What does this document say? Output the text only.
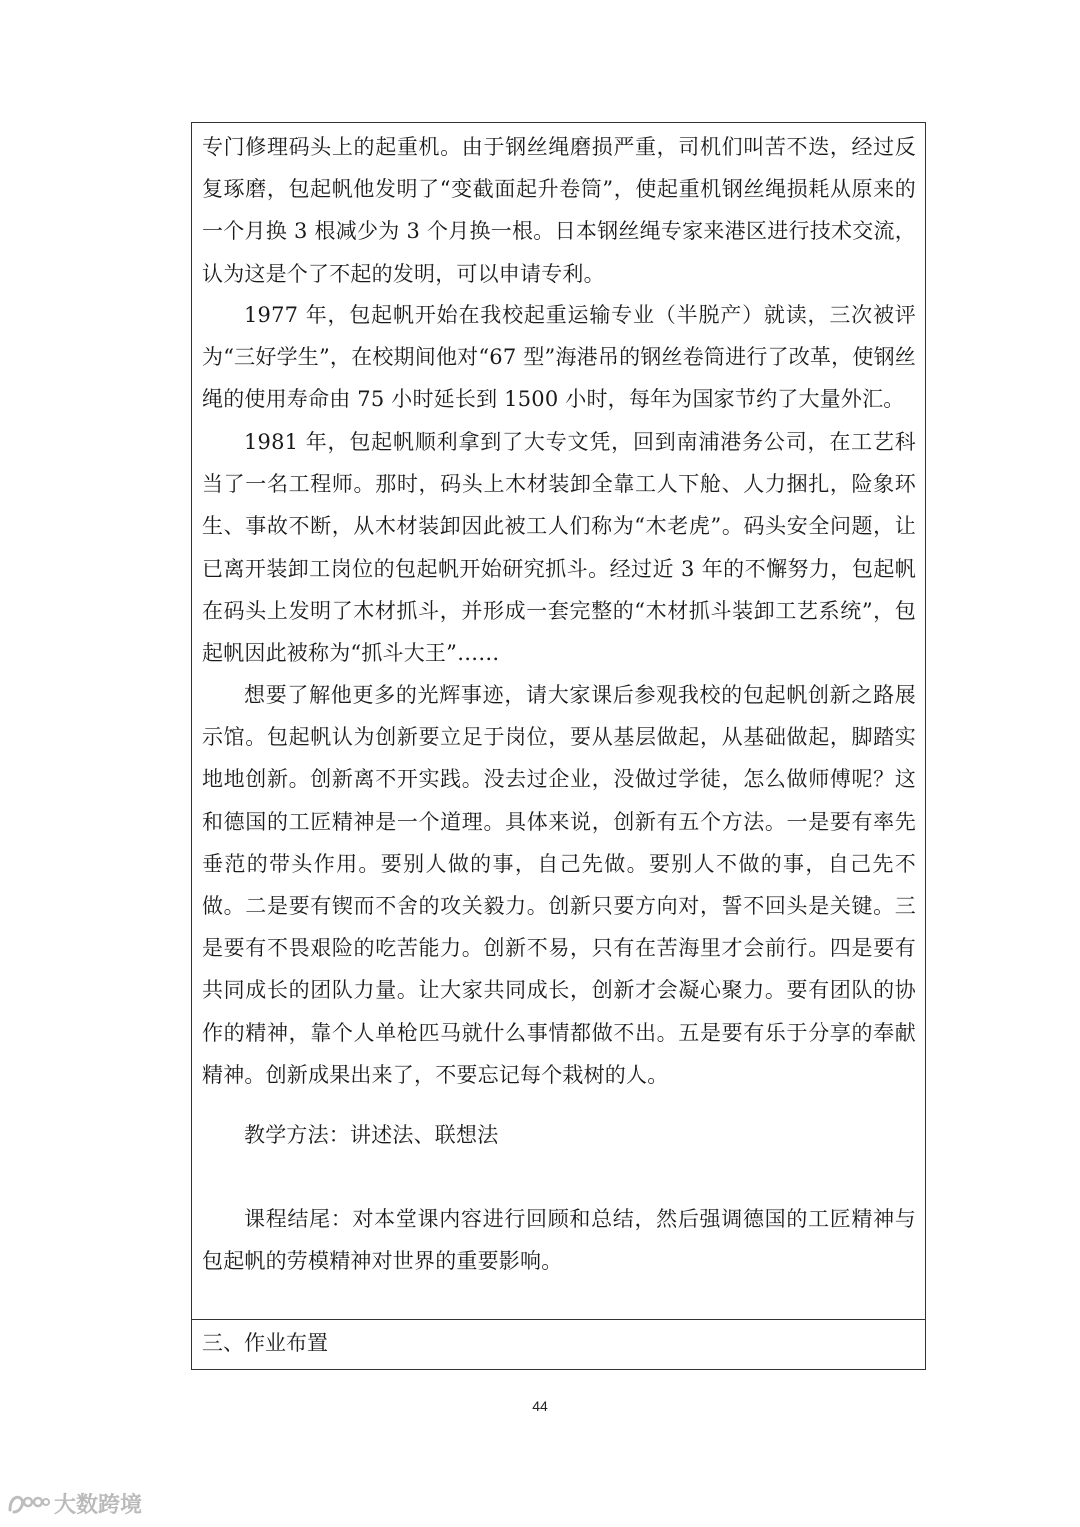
专门修理码头上的起重机。由于钢丝绳磨损严重，司机们叫苦不迭，经过反复琢磨，包起帆他发明了“变截面起升卷筒”，使起重机钢丝绳损耗从原来的一个月换 3 根减少为 3 个月换一根。日本钢丝绳专家来港区进行技术交流，认为这是个了不起的发明，可以申请专利。

1977 年，包起帆开始在我校起重运输专业（半脱产）就读，三次被评为“三好学生”，在校期间他对“67 型”海港吊的钢丝卷筒进行了改革，使钢丝绳的使用寿命由 75 小时延长到 1500 小时，每年为国家节约了大量外汇。

1981 年，包起帆顺利拿到了大专文凭，回到南浦港务公司，在工艺科当了一名工程师。那时，码头上木材装卸全靠工人下舱、人力捆扎，险象环生、事故不断，从木材装卸因此被工人们称为“木老虎”。码头安全问题，让已离开装卸工岗位的包起帆开始研究抓斗。经过近 3 年的不懈努力，包起帆在码头上发明了木材抓斗，并形成一套完整的“木材抓斗装卸工艺系统”，包起帆因此被称为“抓斗大王”……

想要了解他更多的光辉事迹，请大家课后参观我校的包起帆创新之路展示馆。包起帆认为创新要立足于岗位，要从基层做起，从基础做起，脚踏实地地创新。创新离不开实践。没去过企业，没做过学徒，怎么做师傅呢？这和德国的工匠精神是一个道理。具体来说，创新有五个方法。一是要有率先垂范的带头作用。要别人做的事，自己先做。要别人不做的事，自己先不做。二是要有锲而不舍的攻关毅力。创新只要方向对，誓不回头是关键。三是要有不畏艰险的吃苦能力。创新不易，只有在苦海里才会前行。四是要有共同成长的团队力量。让大家共同成长，创新才会凝心聚力。要有团队的协作的精神，靠个人单枪匹马就什么事情都做不出。五是要有乐于分享的奉献精神。创新成果出来了，不要忘记每个栽树的人。

教学方法：讲述法、联想法

课程结尾：对本堂课内容进行回顾和总结，然后强调德国的工匠精神与包起帆的劳模精神对世界的重要影响。

三、作业布置

44
大数跨境
